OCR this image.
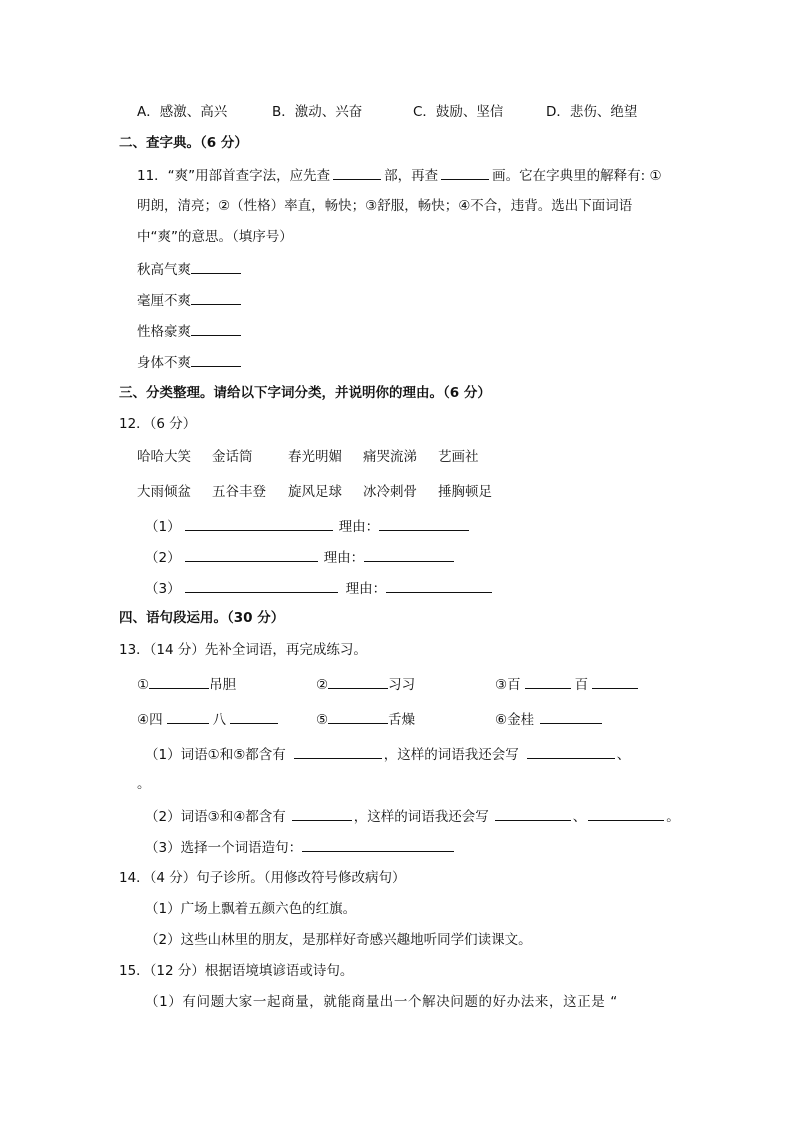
A．感激、高兴	B．激动、兴奋	C．鼓励、坚信	D．悲伤、绝望
二、查字典。（6 分）
11．“爽”用部首查字法，应先查	部，再查	画。它在字典里的解释有: ①
明朗，清亮；②（性格）率直，畅快；③舒服，畅快；④不合，违背。选出下面词语
中“爽”的意思。（填序号）
秋高气爽
毫厘不爽
性格豪爽
身体不爽
三、分类整理。请给以下字词分类，并说明你的理由。（6 分）
12．（6 分）
哈哈大笑 金话筒	春光明媚 痛哭流涕 艺画社
大雨倾盆 五谷丰登 旋风足球 冰冷刺骨 捶胸顿足
（1）	理由：
（2）	理由：
（3）	理由：
四、语句段运用。（30 分）
13．（14 分）先补全词语，再完成练习。
①	吊胆	②	习习	③百	百
④四	八	⑤	舌燥	⑥金桂
（1）词语①和⑤都含有	，这样的词语我还会写	、
。
（2）词语③和④都含有	，这样的词语我还会写	、	。
（3）选择一个词语造句：
14．（4 分）句子诊所。（用修改符号修改病句）
（1）广场上飘着五颜六色的红旗。
（2）这些山林里的朋友，是那样好奇感兴趣地听同学们读课文。
15．（12 分）根据语境填谚语或诗句。
（1）有问题大家一起商量，就能商量出一个解决问题的好办法来，这正是 “
